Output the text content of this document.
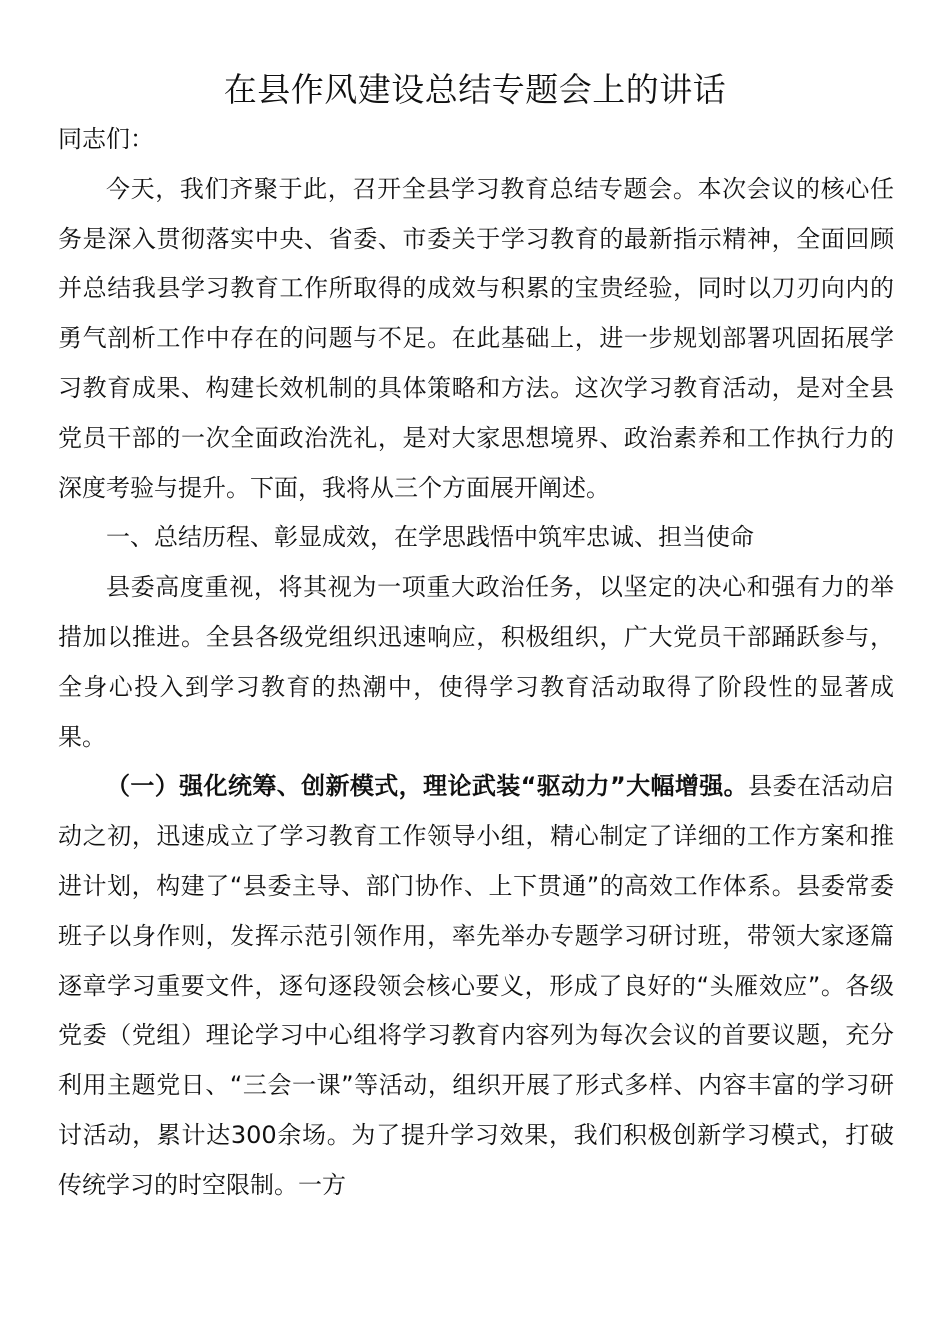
在县作风建设总结专题会上的讲话

同志们：

今天，我们齐聚于此，召开全县学习教育总结专题会。本次会议的核心任务是深入贯彻落实中央、省委、市委关于学习教育的最新指示精神，全面回顾并总结我县学习教育工作所取得的成效与积累的宝贵经验，同时以刀刃向内的勇气剖析工作中存在的问题与不足。在此基础上，进一步规划部署巩固拓展学习教育成果、构建长效机制的具体策略和方法。这次学习教育活动，是对全县党员干部的一次全面政治洗礼，是对大家思想境界、政治素养和工作执行力的深度考验与提升。下面，我将从三个方面展开阐述。

一、总结历程、彰显成效，在学思践悟中筑牢忠诚、担当使命

县委高度重视，将其视为一项重大政治任务，以坚定的决心和强有力的举措加以推进。全县各级党组织迅速响应，积极组织，广大党员干部踊跃参与，全身心投入到学习教育的热潮中，使得学习教育活动取得了阶段性的显著成果。

（一）强化统筹、创新模式，理论武装“驱动力”大幅增强。县委在活动启动之初，迅速成立了学习教育工作领导小组，精心制定了详细的工作方案和推进计划，构建了“县委主导、部门协作、上下贯通”的高效工作体系。县委常委班子以身作则，发挥示范引领作用，率先举办专题学习研讨班，带领大家逐篇逐章学习重要文件，逐句逐段领会核心要义，形成了良好的“头雁效应”。各级党委（党组）理论学习中心组将学习教育内容列为每次会议的首要议题，充分利用主题党日、“三会一课”等活动，组织开展了形式多样、内容丰富的学习研讨活动，累计达300余场。为了提升学习效果，我们积极创新学习模式，打破传统学习的时空限制。一方
